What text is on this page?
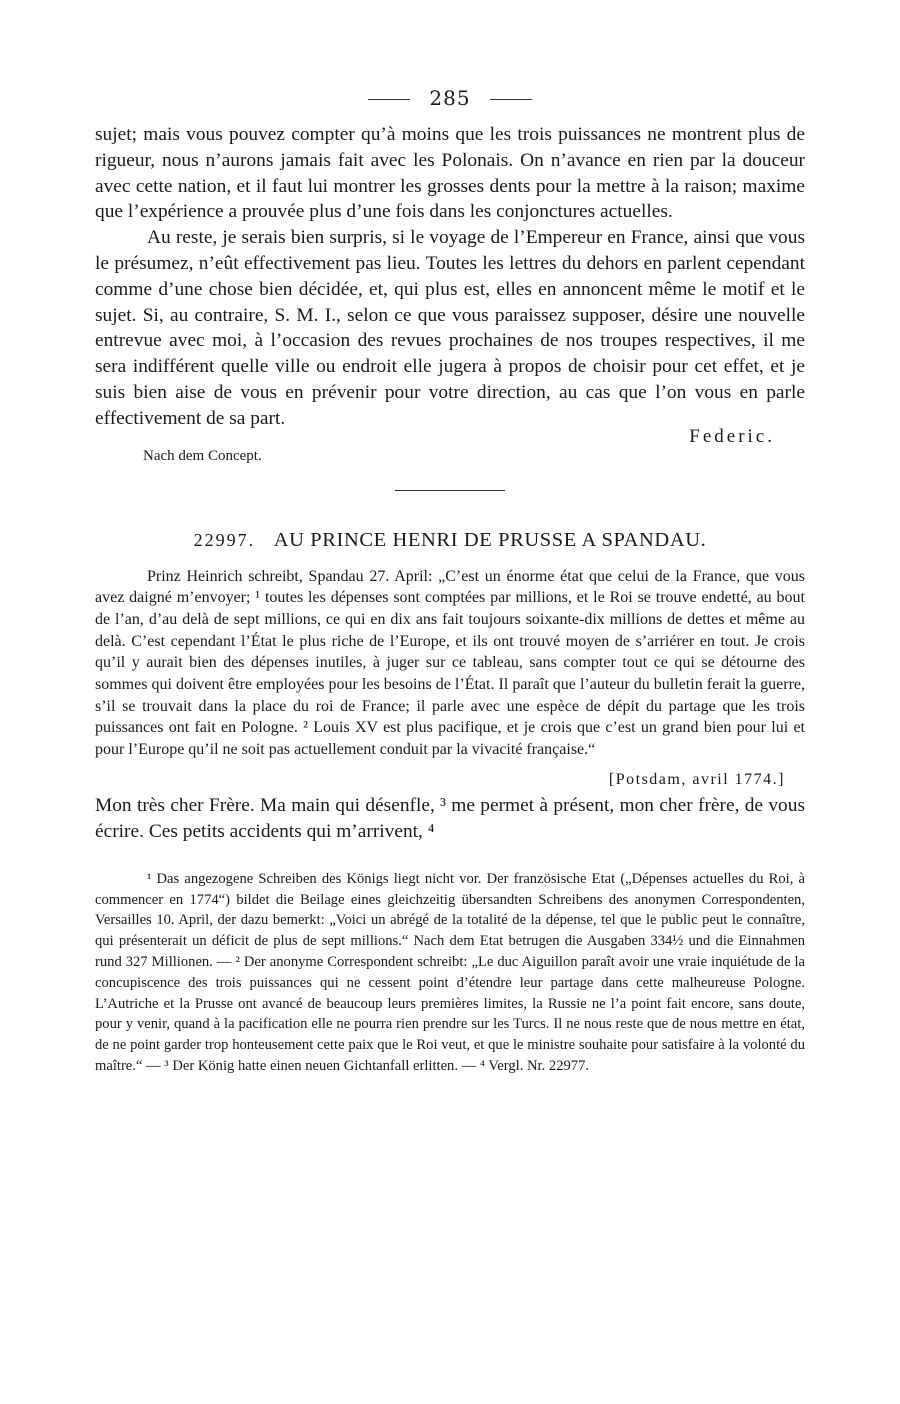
285

sujet; mais vous pouvez compter qu’à moins que les trois puissances ne montrent plus de rigueur, nous n’aurons jamais fait avec les Polonais. On n’avance en rien par la douceur avec cette nation, et il faut lui montrer les grosses dents pour la mettre à la raison; maxime que l’expérience a prouvée plus d’une fois dans les conjonctures actuelles.

Au reste, je serais bien surpris, si le voyage de l’Empereur en France, ainsi que vous le présumez, n’eût effectivement pas lieu. Toutes les lettres du dehors en parlent cependant comme d’une chose bien décidée, et, qui plus est, elles en annoncent même le motif et le sujet. Si, au contraire, S. M. I., selon ce que vous paraissez supposer, désire une nouvelle entrevue avec moi, à l’occasion des revues prochaines de nos troupes respectives, il me sera indifférent quelle ville ou endroit elle jugera à propos de choisir pour cet effet, et je suis bien aise de vous en prévenir pour votre direction, au cas que l’on vous en parle effectivement de sa part.

Federic.
Nach dem Concept.
22997. AU PRINCE HENRI DE PRUSSE A SPANDAU.

Prinz Heinrich schreibt, Spandau 27. April: „C’est un énorme état que celui de la France, que vous avez daigné m’envoyer; ¹ toutes les dépenses sont comptées par millions, et le Roi se trouve endetté, au bout de l’an, d’au delà de sept millions, ce qui en dix ans fait toujours soixante-dix millions de dettes et même au delà. C’est cependant l’État le plus riche de l’Europe, et ils ont trouvé moyen de s’arriérer en tout. Je crois qu’il y aurait bien des dépenses inutiles, à juger sur ce tableau, sans compter tout ce qui se détourne des sommes qui doivent être employées pour les besoins de l’État. Il paraît que l’auteur du bulletin ferait la guerre, s’il se trouvait dans la place du roi de France; il parle avec une espèce de dépit du partage que les trois puissances ont fait en Pologne. ² Louis XV est plus pacifique, et je crois que c’est un grand bien pour lui et pour l’Europe qu’il ne soit pas actuellement conduit par la vivacité française.“

[Potsdam, avril 1774.]

Mon très cher Frère. Ma main qui désenfle, ³ me permet à présent, mon cher frère, de vous écrire. Ces petits accidents qui m’arrivent, ⁴

¹ Das angezogene Schreiben des Königs liegt nicht vor. Der französische Etat („Dépenses actuelles du Roi, à commencer en 1774“) bildet die Beilage eines gleichzeitig übersandten Schreibens des anonymen Correspondenten, Versailles 10. April, der dazu bemerkt: „Voici un abrégé de la totalité de la dépense, tel que le public peut le connaître, qui présenterait un déficit de plus de sept millions.“ Nach dem Etat betrugen die Ausgaben 334½ und die Einnahmen rund 327 Millionen. — ² Der anonyme Correspondent schreibt: „Le duc Aiguillon paraît avoir une vraie inquiétude de la concupiscence des trois puissances qui ne cessent point d’étendre leur partage dans cette malheureuse Pologne. L’Autriche et la Prusse ont avancé de beaucoup leurs premières limites, la Russie ne l’a point fait encore, sans doute, pour y venir, quand à la pacification elle ne pourra rien prendre sur les Turcs. Il ne nous reste que de nous mettre en état, de ne point garder trop honteusement cette paix que le Roi veut, et que le ministre souhaite pour satisfaire à la volonté du maître.“ — ³ Der König hatte einen neuen Gichtanfall erlitten. — ⁴ Vergl. Nr. 22977.
